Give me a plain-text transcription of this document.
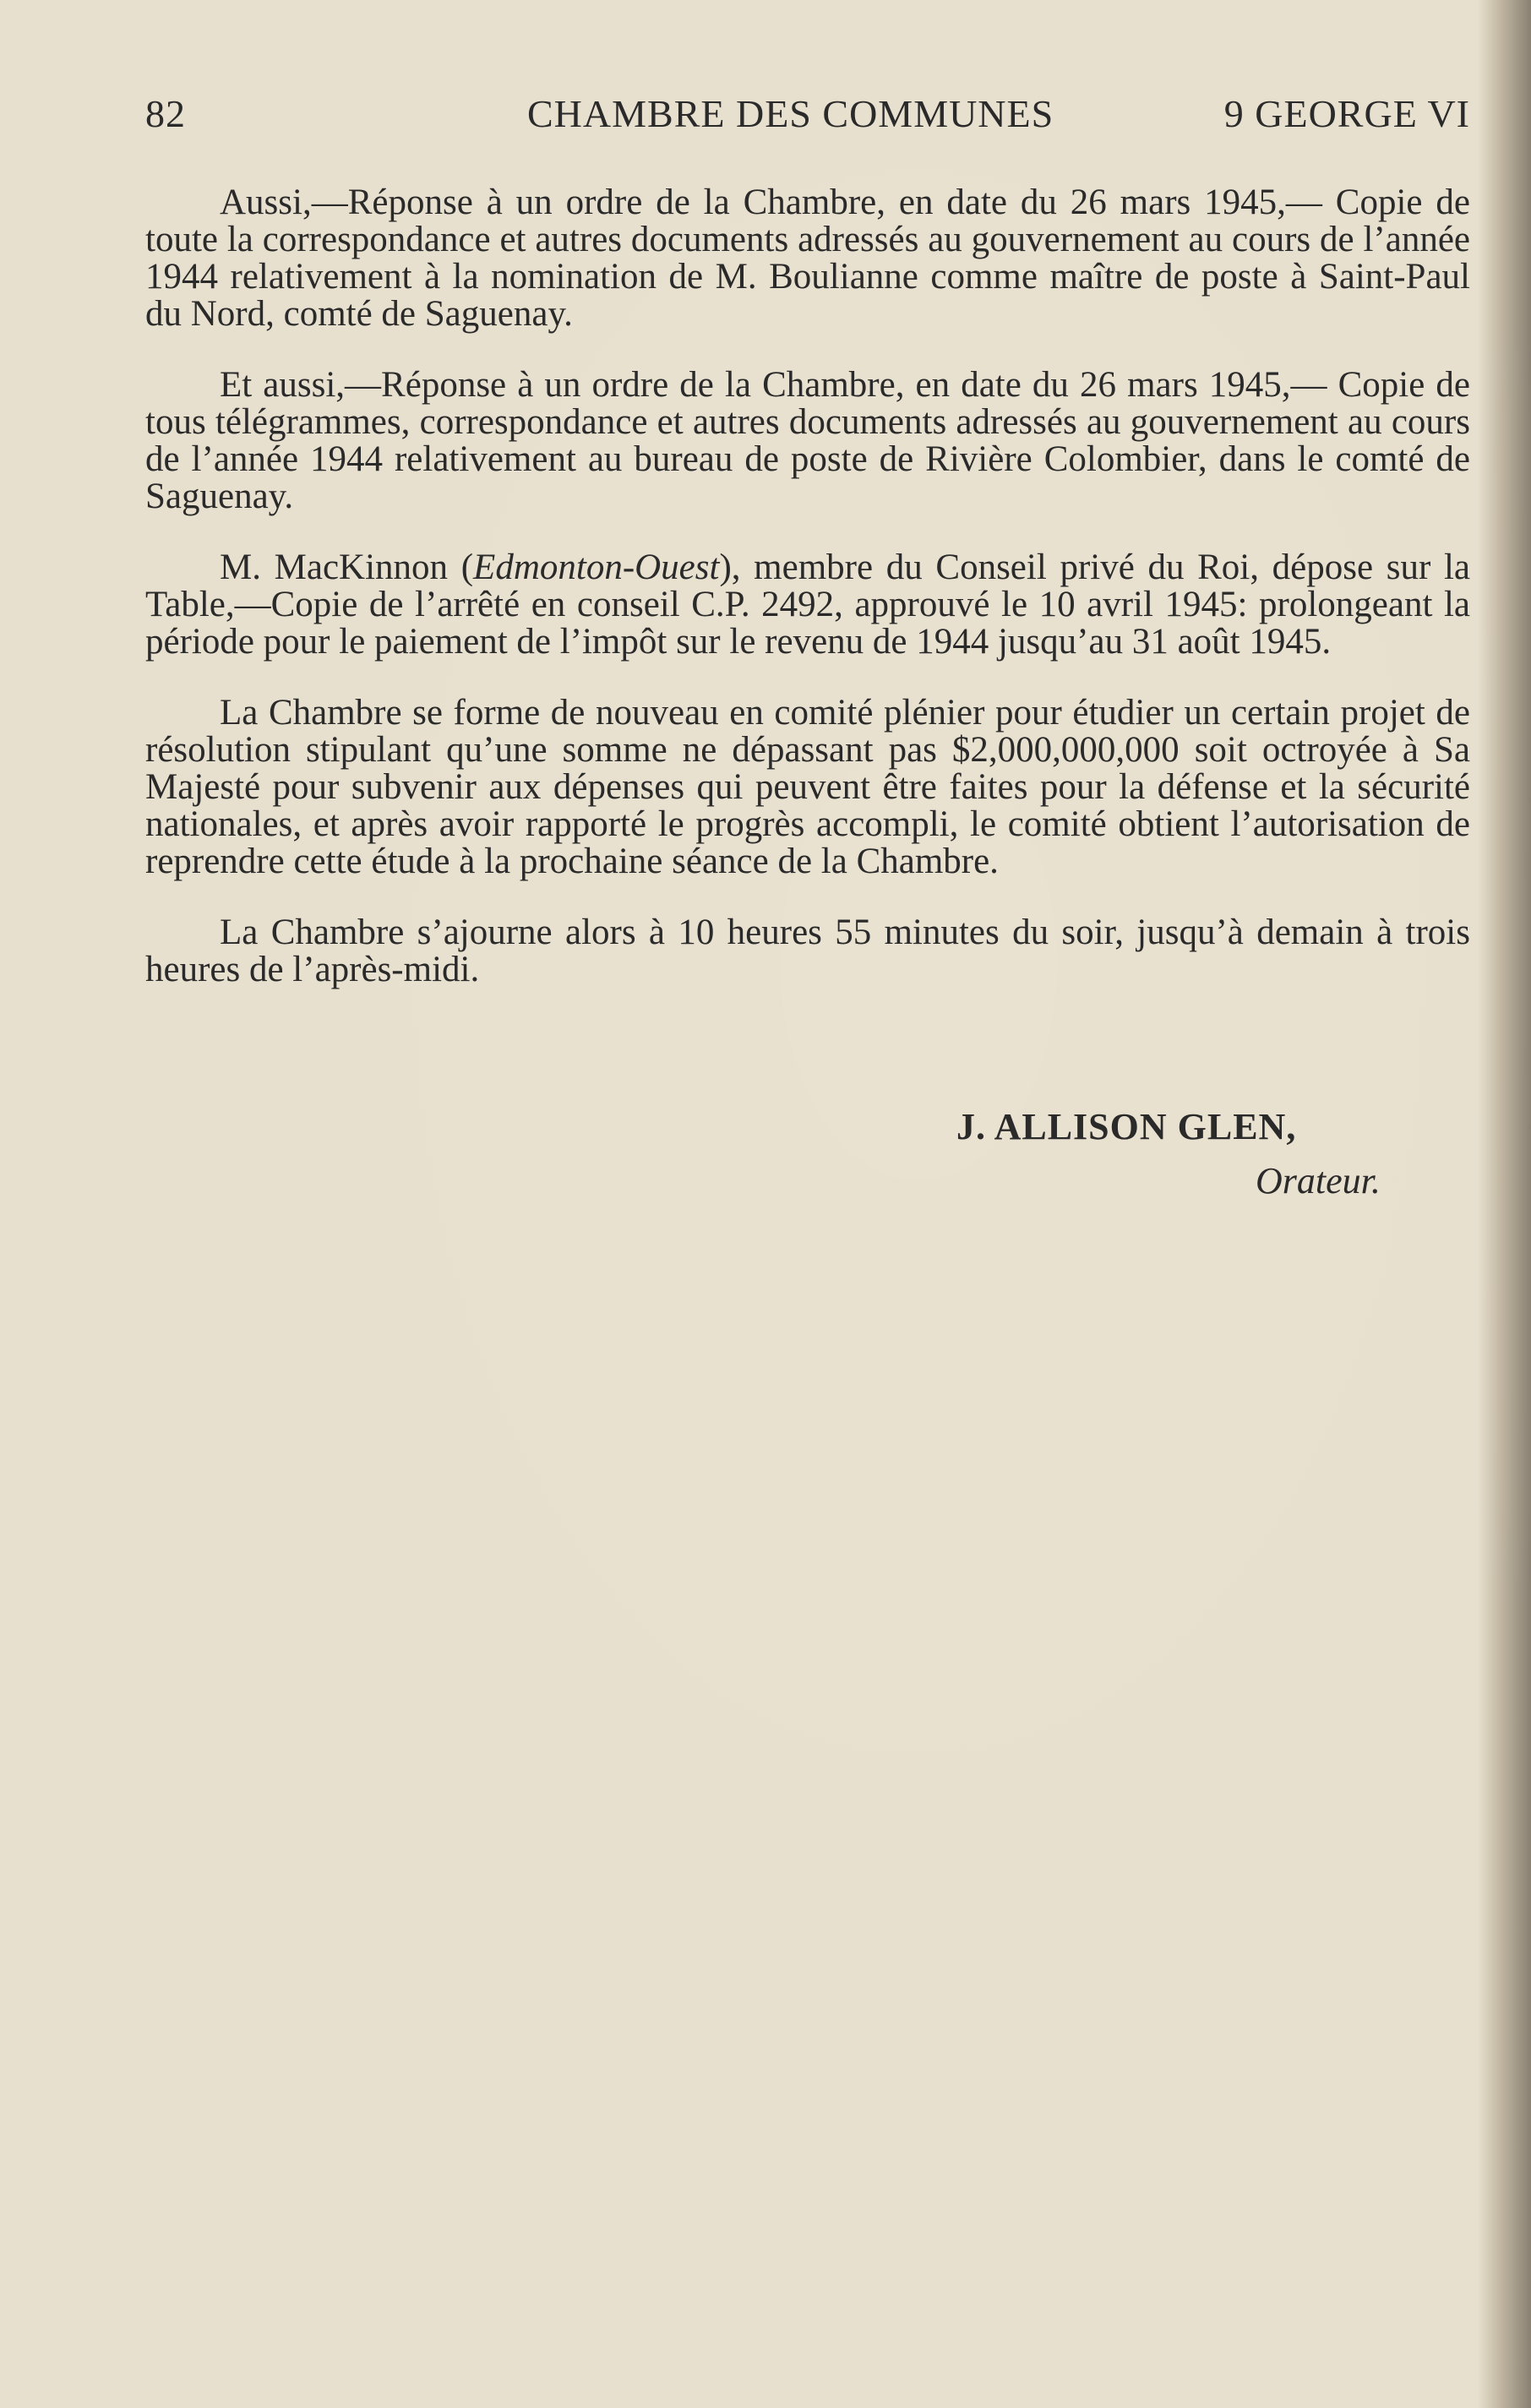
82	CHAMBRE DES COMMUNES	9 GEORGE VI

Aussi,—Réponse à un ordre de la Chambre, en date du 26 mars 1945,— Copie de toute la correspondance et autres documents adressés au gouvernement au cours de l’année 1944 relativement à la nomination de M. Boulianne comme maître de poste à Saint-Paul du Nord, comté de Saguenay.

Et aussi,—Réponse à un ordre de la Chambre, en date du 26 mars 1945,— Copie de tous télégrammes, correspondance et autres documents adressés au gouvernement au cours de l’année 1944 relativement au bureau de poste de Rivière Colombier, dans le comté de Saguenay.

M. MacKinnon (Edmonton-Ouest), membre du Conseil privé du Roi, dépose sur la Table,—Copie de l’arrêté en conseil C.P. 2492, approuvé le 10 avril 1945: prolongeant la période pour le paiement de l’impôt sur le revenu de 1944 jusqu’au 31 août 1945.

La Chambre se forme de nouveau en comité plénier pour étudier un certain projet de résolution stipulant qu’une somme ne dépassant pas $2,000,000,000 soit octroyée à Sa Majesté pour subvenir aux dépenses qui peuvent être faites pour la défense et la sécurité nationales, et après avoir rapporté le progrès accompli, le comité obtient l’autorisation de reprendre cette étude à la prochaine séance de la Chambre.

La Chambre s’ajourne alors à 10 heures 55 minutes du soir, jusqu’à demain à trois heures de l’après-midi.

J. ALLISON GLEN,
Orateur.
